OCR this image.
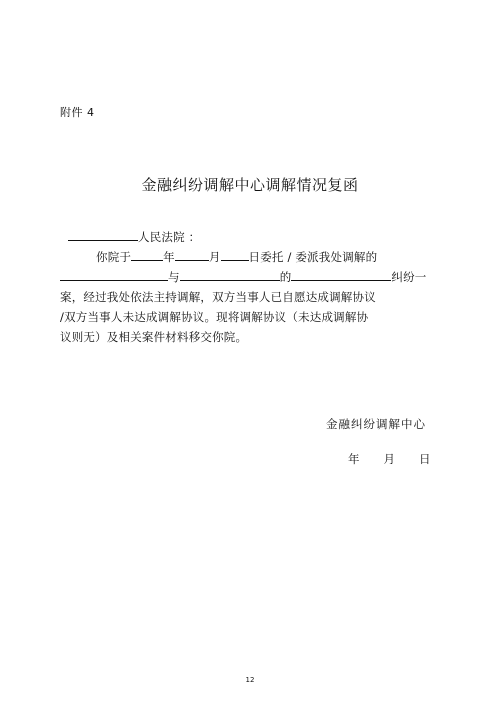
附件 4
金融纠纷调解中心调解情况复函
人民法院 ：
你院于	年	月 日委托 / 委派我处调解的
与	的	纠纷一
案，经过我处依法主持调解，双方当事人已自愿达成调解协议
/双方当事人未达成调解协议。现将调解协议（未达成调解协
议则无）及相关案件材料移交你院。
金融纠纷调解中心
年 月 日
12
